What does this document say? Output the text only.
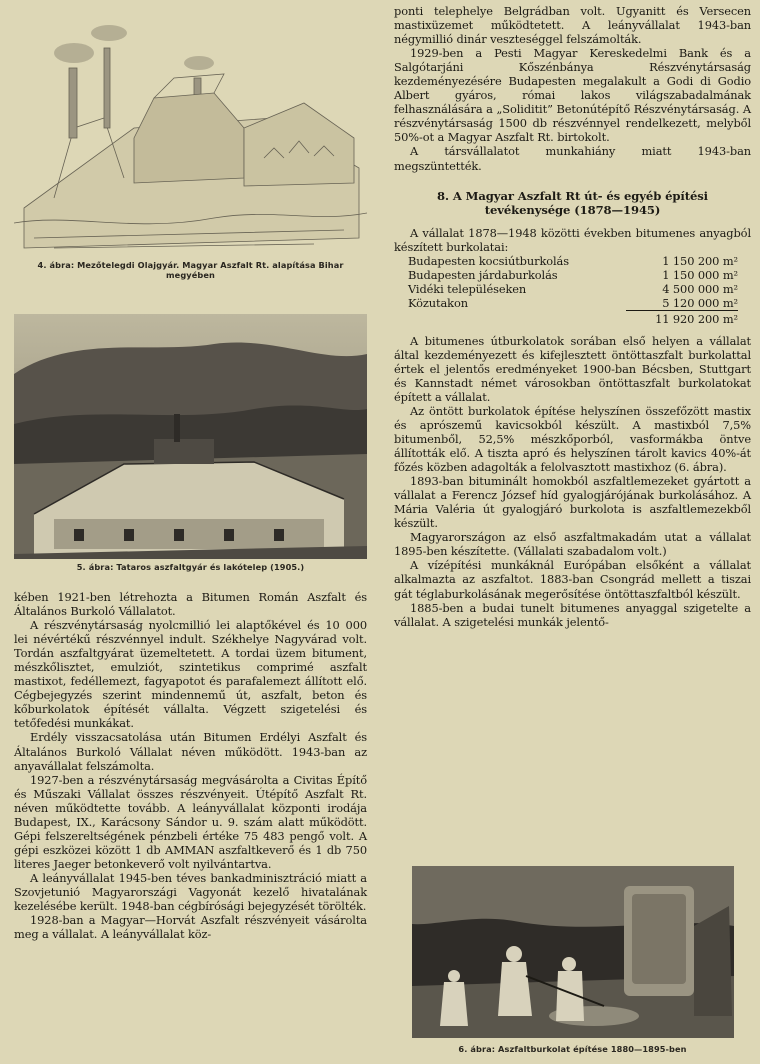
4. ábra: Mezőtelegdi Olajgyár. Magyar Aszfalt Rt. alapítása Bihar megyében
5. ábra: Tataros aszfaltgyár és lakótelep (1905.)

kében 1921-ben létrehozta a Bitumen Román Aszfalt és Általános Burkoló Vállalatot.

A részvénytársaság nyolcmillió lei alaptőkével és 10 000 lei névértékű részvénnyel indult. Székhelye Nagyvárad volt. Tordán aszfaltgyárat üzemeltetett. A tordai üzem bitument, mészkőlisztet, emulziót, szintetikus comprimé aszfalt mastixot, fedéllemezt, fagyapotot és parafalemezt állított elő. Cégbejegyzés szerint mindennemű út, aszfalt, beton és kőburkolatok építését vállalta. Végzett szigetelési és tetőfedési munkákat.

Erdély visszacsatolása után Bitumen Erdélyi Aszfalt és Általános Burkoló Vállalat néven működött. 1943-ban az anyavállalat felszámolta.

1927-ben a részvénytársaság megvásárolta a Civitas Építő és Műszaki Vállalat összes részvényeit. Útépítő Aszfalt Rt. néven működtette tovább. A leányvállalat központi irodája Budapest, IX., Karácsony Sándor u. 9. szám alatt működött. Gépi felszereltségének pénzbeli értéke 75 483 pengő volt. A gépi eszközei között 1 db AMMAN aszfaltkeverő és 1 db 750 literes Jaeger betonkeverő volt nyilvántartva.

A leányvállalat 1945-ben téves bankadminisztráció miatt a Szovjetunió Magyarországi Vagyonát kezelő hivatalának kezelésébe került. 1948-ban cégbírósági bejegyzését törölték.

1928-ban a Magyar—Horvát Aszfalt részvényeit vásárolta meg a vállalat. A leányvállalat köz-

ponti telephelye Belgrádban volt. Ugyanitt és Versecen mastixüzemet működtetett. A leányvállalat 1943-ban négymillió dinár veszteséggel felszámolták.

1929-ben a Pesti Magyar Kereskedelmi Bank és a Salgótarjáni Kőszénbánya Részvénytársaság kezdeményezésére Budapesten megalakult a Godi di Godio Albert gyáros, római lakos világszabadalmának felhasználására a „Soliditit” Betonútépítő Részvénytársaság. A részvénytársaság 1500 db részvénnyel rendelkezett, melyből 50%-ot a Magyar Aszfalt Rt. birtokolt.

A társvállalatot munkahiány miatt 1943-ban megszüntették.

8. A Magyar Aszfalt Rt út- és egyéb építési tevékenysége (1878—1945)

A vállalat 1878—1948 közötti években bitumenes anyagból készített burkolatai:

Budapesten kocsiútburkolás	1 150 200 m²
Budapesten járdaburkolás	1 150 000 m²
Vidéki településeken	4 500 000 m²
Közutakon	5 120 000 m²
	11 920 200 m²

A bitumenes útburkolatok sorában első helyen a vállalat által kezdeményezett és kifejlesztett öntöttaszfalt burkolattal értek el jelentős eredményeket 1900-ban Bécsben, Stuttgart és Kannstadt német városokban öntöttaszfalt burkolatokat épített a vállalat.

Az öntött burkolatok építése helyszínen összefőzött mastix és aprószemű kavicsokból készült. A mastixból 7,5% bitumenből, 52,5% mészkőporból, vasformákba öntve állították elő. A tiszta apró és helyszínen tárolt kavics 40%-át főzés közben adagolták a felolvasztott mastixhoz (6. ábra).

1893-ban bituminált homokból aszfaltlemezeket gyártott a vállalat a Ferencz József híd gyalogjárójának burkolásához. A Mária Valéria út gyalogjáró burkolota is aszfaltlemezekből készült.

Magyarországon az első aszfaltmakadám utat a vállalat 1895-ben készítette. (Vállalati szabadalom volt.)

A vízépítési munkáknál Európában elsőként a vállalat alkalmazta az aszfaltot. 1883-ban Csongrád mellett a tiszai gát téglaburkolásának megerősítése öntöttaszfaltból készült.

1885-ben a budai tunelt bitumenes anyaggal szigetelte a vállalat. A szigetelési munkák jelentő-

6. ábra: Aszfaltburkolat építése 1880—1895-ben
